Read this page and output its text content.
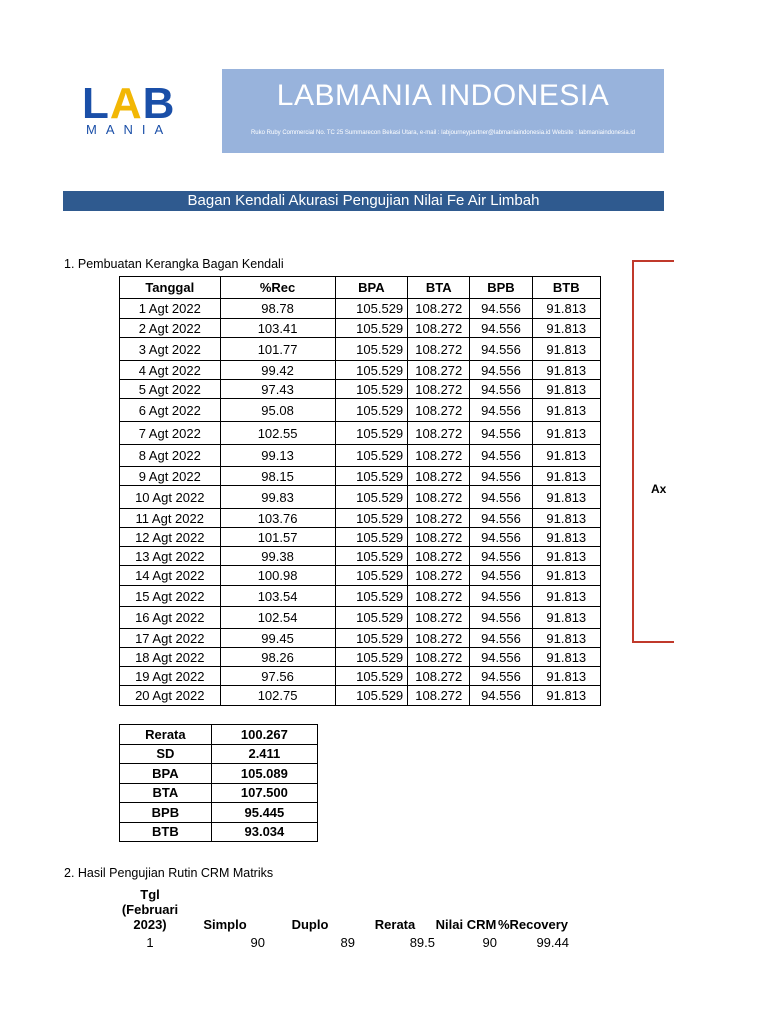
LAB
MANIA
LABMANIA INDONESIA
Ruko Ruby Commercial No. TC 25 Summarecon Bekasi Utara, e-mail : labjourneypartner@labmaniaindonesia.id Website : labmaniaindonesia.id
Bagan Kendali Akurasi Pengujian Nilai Fe Air Limbah
1. Pembuatan Kerangka Bagan Kendali
Tanggal	%Rec	BPA	BTA	BPB	BTB
1 Agt 2022	98.78	105.529	108.272	94.556	91.813
2 Agt 2022	103.41	105.529	108.272	94.556	91.813
3 Agt 2022	101.77	105.529	108.272	94.556	91.813
4 Agt 2022	99.42	105.529	108.272	94.556	91.813
5 Agt 2022	97.43	105.529	108.272	94.556	91.813
6 Agt 2022	95.08	105.529	108.272	94.556	91.813
7 Agt 2022	102.55	105.529	108.272	94.556	91.813
8 Agt 2022	99.13	105.529	108.272	94.556	91.813
9 Agt 2022	98.15	105.529	108.272	94.556	91.813
10 Agt 2022	99.83	105.529	108.272	94.556	91.813
11 Agt 2022	103.76	105.529	108.272	94.556	91.813
12 Agt 2022	101.57	105.529	108.272	94.556	91.813
13 Agt 2022	99.38	105.529	108.272	94.556	91.813
14 Agt 2022	100.98	105.529	108.272	94.556	91.813
15 Agt 2022	103.54	105.529	108.272	94.556	91.813
16 Agt 2022	102.54	105.529	108.272	94.556	91.813
17 Agt 2022	99.45	105.529	108.272	94.556	91.813
18 Agt 2022	98.26	105.529	108.272	94.556	91.813
19 Agt 2022	97.56	105.529	108.272	94.556	91.813
20 Agt 2022	102.75	105.529	108.272	94.556	91.813
Rerata	100.267
SD	2.411
BPA	105.089
BTA	107.500
BPB	95.445
BTB	93.034
2. Hasil Pengujian Rutin CRM Matriks
Tgl (Februari 2023)	Simplo	Duplo	Rerata	Nilai CRM	%Recovery
1	90	89	89.5	90	99.44
Ax
